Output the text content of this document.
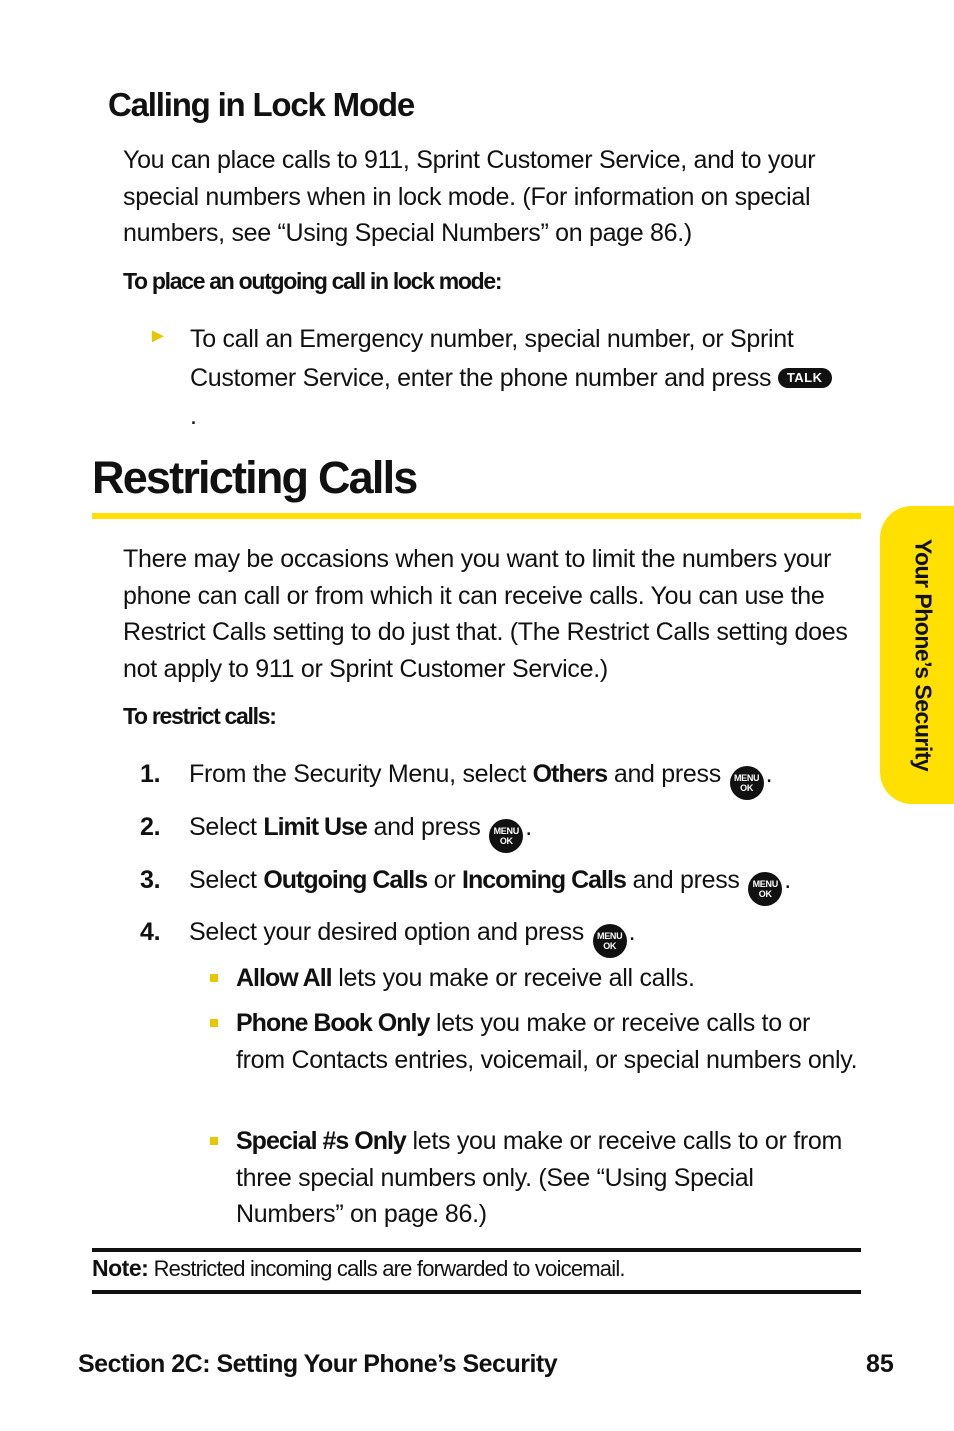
Calling in Lock Mode

You can place calls to 911, Sprint Customer Service, and to your special numbers when in lock mode. (For information on special numbers, see “Using Special Numbers” on page 86.)

To place an outgoing call in lock mode:

► To call an Emergency number, special number, or Sprint Customer Service, enter the phone number and press TALK.
Restricting Calls

There may be occasions when you want to limit the numbers your phone can call or from which it can receive calls. You can use the Restrict Calls setting to do just that. (The Restrict Calls setting does not apply to 911 or Sprint Customer Service.)

To restrict calls:

1. From the Security Menu, select Others and press MENU
OK .
2. Select Limit Use and press MENU
OK .
3. Select Outgoing Calls or Incoming Calls and press MENU
OK .
4. Select your desired option and press MENU
OK .
Allow All lets you make or receive all calls.
Phone Book Only lets you make or receive calls to or from Contacts entries, voicemail, or special numbers only.
Special #s Only lets you make or receive calls to or from three special numbers only. (See “Using Special Numbers” on page 86.)
Note: Restricted incoming calls are forwarded to voicemail.
Section 2C: Setting Your Phone’s Security	85
Your Phone’s Security
